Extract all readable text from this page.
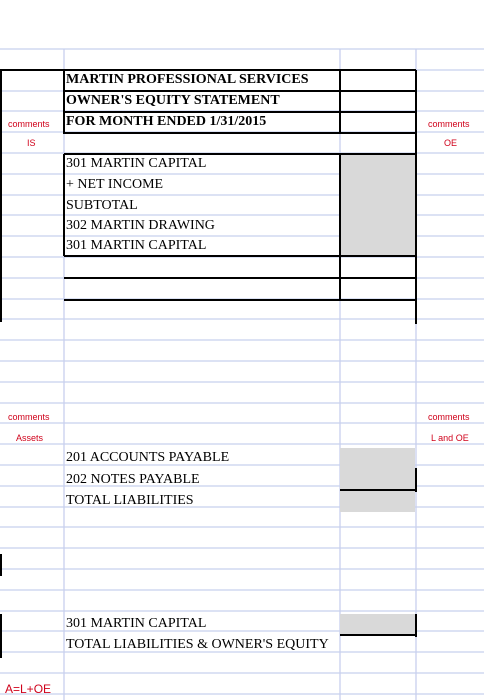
MARTIN PROFESSIONAL SERVICES
OWNER'S EQUITY STATEMENT
FOR MONTH ENDED 1/31/2015
301 MARTIN CAPITAL
+ NET INCOME
SUBTOTAL
302 MARTIN DRAWING
301 MARTIN CAPITAL
comments
IS
comments
Assets
comments
OE
comments
L and OE
201 ACCOUNTS PAYABLE
202 NOTES PAYABLE
TOTAL LIABILITIES
301 MARTIN CAPITAL
TOTAL LIABILITIES & OWNER'S EQUITY
A=L+OE
